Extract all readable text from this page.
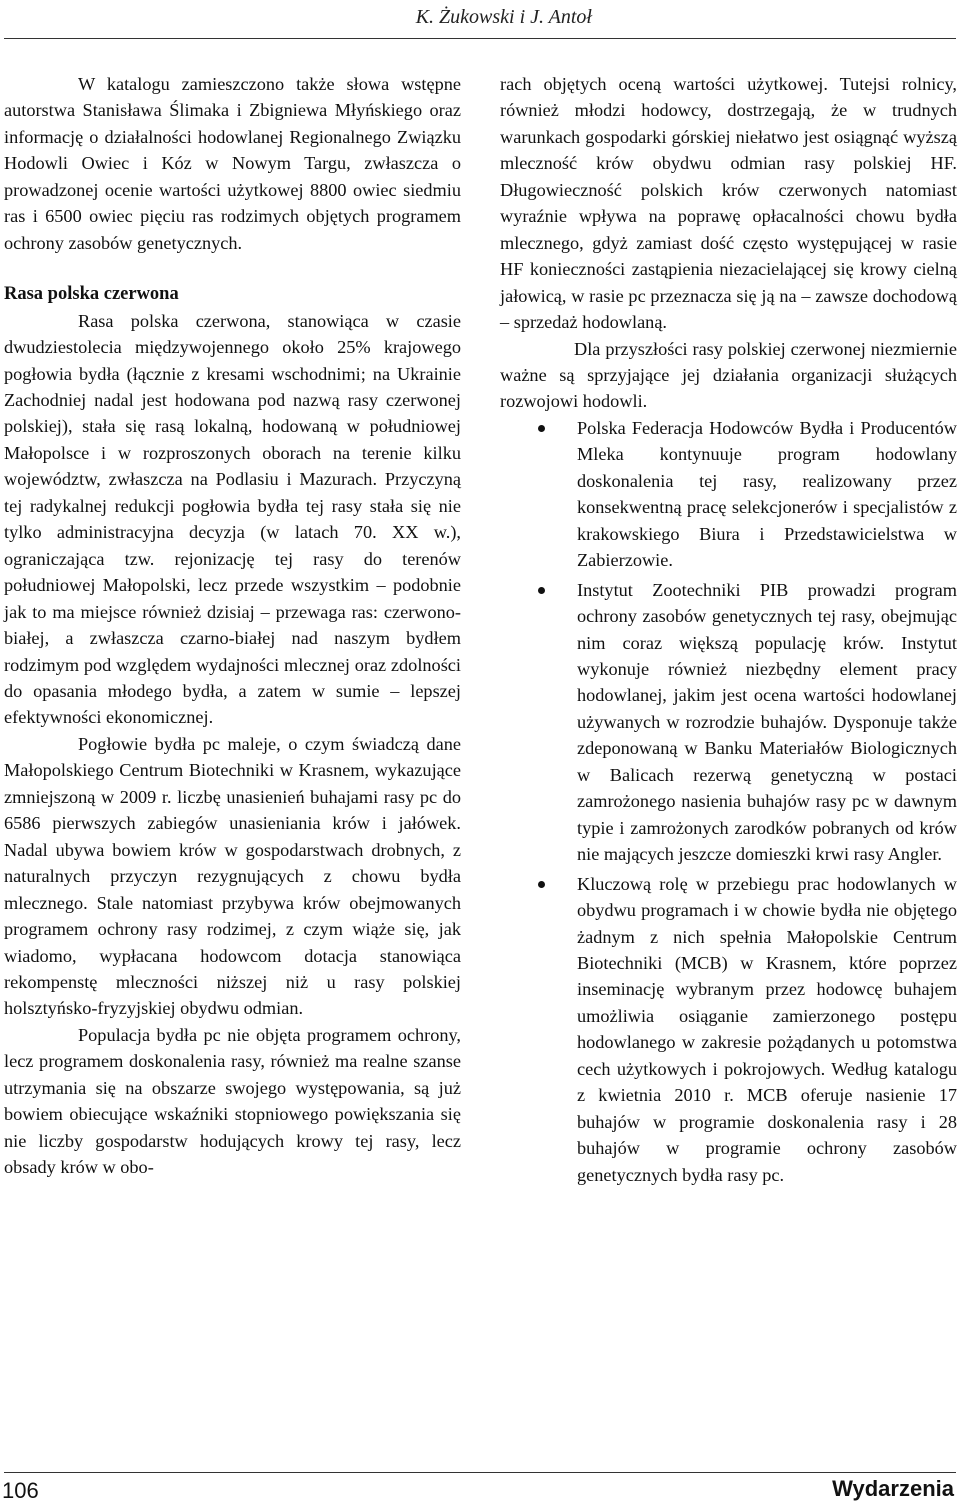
K. Żukowski i J. Antoł

W katalogu zamieszczono także słowa wstępne autorstwa Stanisława Ślimaka i Zbigniewa Młyńskiego oraz informację o działalności hodowlanej Regionalnego Związku Hodowli Owiec i Kóz w Nowym Targu, zwłaszcza o prowadzonej ocenie wartości użytkowej 8800 owiec siedmiu ras i 6500 owiec pięciu ras rodzimych objętych programem ochrony zasobów genetycznych.

Rasa polska czerwona

Rasa polska czerwona, stanowiąca w czasie dwudziestolecia międzywojennego około 25% krajowego pogłowia bydła (łącznie z kresami wschodnimi; na Ukrainie Zachodniej nadal jest hodowana pod nazwą rasy czerwonej polskiej), stała się rasą lokalną, hodowaną w południowej Małopolsce i w rozproszonych oborach na terenie kilku województw, zwłaszcza na Podlasiu i Mazurach. Przyczyną tej radykalnej redukcji pogłowia bydła tej rasy stała się nie tylko administracyjna decyzja (w latach 70. XX w.), ograniczająca tzw. rejonizację tej rasy do terenów południowej Małopolski, lecz przede wszystkim – podobnie jak to ma miejsce również dzisiaj – przewaga ras: czerwono-białej, a zwłaszcza czarno-białej nad naszym bydłem rodzimym pod względem wydajności mlecznej oraz zdolności do opasania młodego bydła, a zatem w sumie – lepszej efektywności ekonomicznej.

Pogłowie bydła pc maleje, o czym świadczą dane Małopolskiego Centrum Biotechniki w Krasnem, wykazujące zmniejszoną w 2009 r. liczbę unasienień buhajami rasy pc do 6586 pierwszych zabiegów unasieniania krów i jałówek. Nadal ubywa bowiem krów w gospodarstwach drobnych, z naturalnych przyczyn rezygnujących z chowu bydła mlecznego. Stale natomiast przybywa krów obejmowanych programem ochrony rasy rodzimej, z czym wiąże się, jak wiadomo, wypłacana hodowcom dotacja stanowiąca rekompenstę mleczności niższej niż u rasy polskiej holsztyńsko-fryzyjskiej obydwu odmian.

Populacja bydła pc nie objęta programem ochrony, lecz programem doskonalenia rasy, również ma realne szanse utrzymania się na obszarze swojego występowania, są już bowiem obiecujące wskaźniki stopniowego powiększania się nie liczby gospodarstw hodujących krowy tej rasy, lecz obsady krów w obo-

rach objętych oceną wartości użytkowej. Tutejsi rolnicy, również młodzi hodowcy, dostrzegają, że w trudnych warunkach gospodarki górskiej niełatwo jest osiągnąć wyższą mleczność krów obydwu odmian rasy polskiej HF. Długowieczność polskich krów czerwonych natomiast wyraźnie wpływa na poprawę opłacalności chowu bydła mlecznego, gdyż zamiast dość często występującej w rasie HF konieczności zastąpienia niezacielającej się krowy cielną jałowicą, w rasie pc przeznacza się ją na – zawsze dochodową – sprzedaż hodowlaną.

Dla przyszłości rasy polskiej czerwonej niezmiernie ważne są sprzyjające jej działania organizacji służących rozwojowi hodowli.

Polska Federacja Hodowców Bydła i Producentów Mleka kontynuuje program hodowlany doskonalenia tej rasy, realizowany przez konsekwentną pracę selekcjonerów i specjalistów z krakowskiego Biura i Przedstawicielstwa w Zabierzowie.
Instytut Zootechniki PIB prowadzi program ochrony zasobów genetycznych tej rasy, obejmując nim coraz większą populację krów. Instytut wykonuje również niezbędny element pracy hodowlanej, jakim jest ocena wartości hodowlanej używanych w rozrodzie buhajów. Dysponuje także zdeponowaną w Banku Materiałów Biologicznych w Balicach rezerwą genetyczną w postaci zamrożonego nasienia buhajów rasy pc w dawnym typie i zamrożonych zarodków pobranych od krów nie mających jeszcze domieszki krwi rasy Angler.
Kluczową rolę w przebiegu prac hodowlanych w obydwu programach i w chowie bydła nie objętego żadnym z nich spełnia Małopolskie Centrum Biotechniki (MCB) w Krasnem, które poprzez inseminację wybranym przez hodowcę buhajem umożliwia osiąganie zamierzonego postępu hodowlanego w zakresie pożądanych u potomstwa cech użytkowych i pokrojowych. Według katalogu z kwietnia 2010 r. MCB oferuje nasienie 17 buhajów w programie doskonalenia rasy i 28 buhajów w programie ochrony zasobów genetycznych bydła rasy pc.
106	Wydarzenia
